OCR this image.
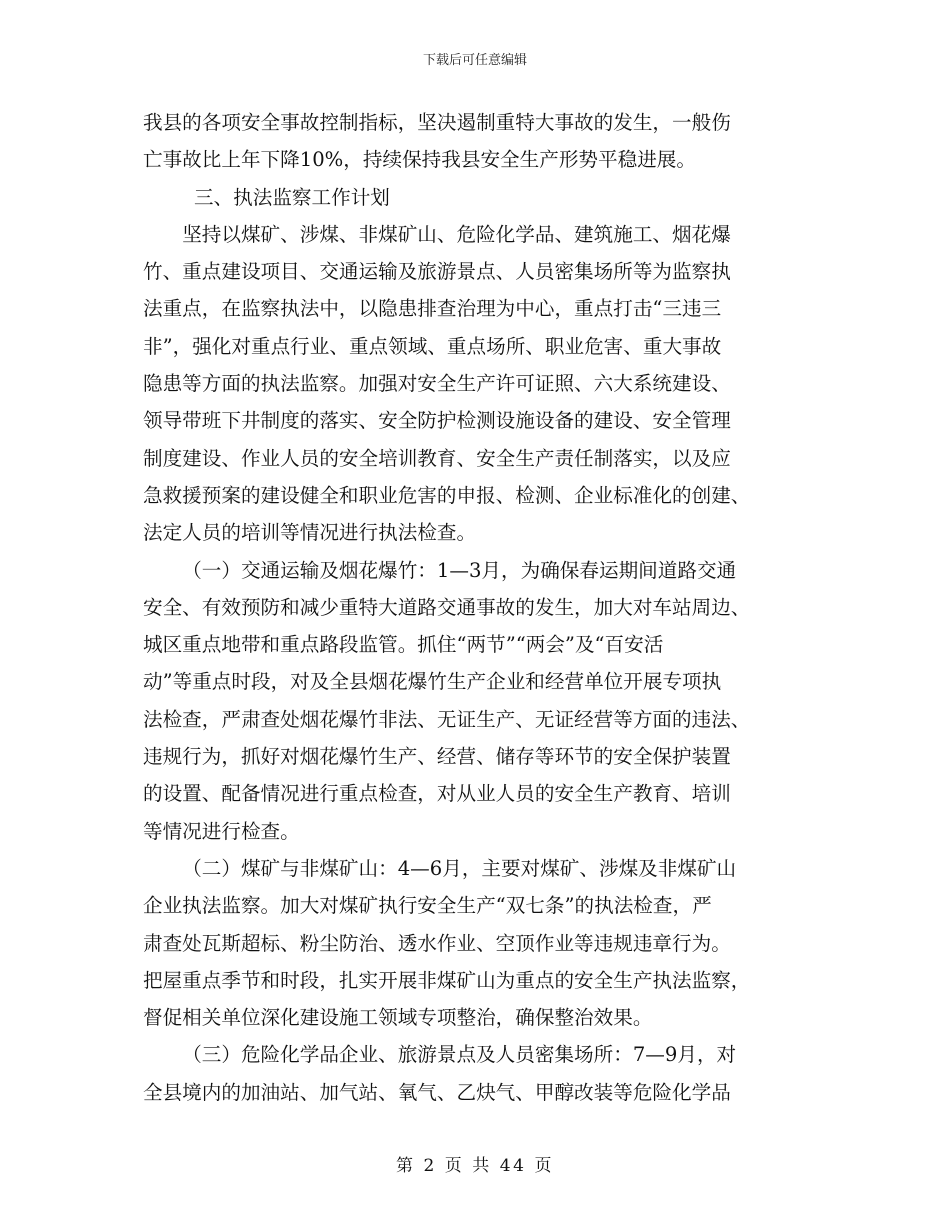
下载后可任意编辑

我县的各项安全事故控制指标，坚决遏制重特大事故的发生，一般伤
亡事故比上年下降10%，持续保持我县安全生产形势平稳进展。

三、执法监察工作计划

坚持以煤矿、涉煤、非煤矿山、危险化学品、建筑施工、烟花爆
竹、重点建设项目、交通运输及旅游景点、人员密集场所等为监察执
法重点，在监察执法中，以隐患排查治理为中心，重点打击“三违三
非”，强化对重点行业、重点领域、重点场所、职业危害、重大事故
隐患等方面的执法监察。加强对安全生产许可证照、六大系统建设、
领导带班下井制度的落实、安全防护检测设施设备的建设、安全管理
制度建设、作业人员的安全培训教育、安全生产责任制落实，以及应
急救援预案的建设健全和职业危害的申报、检测、企业标准化的创建、
法定人员的培训等情况进行执法检查。

（一）交通运输及烟花爆竹：1—3月，为确保春运期间道路交通
安全、有效预防和减少重特大道路交通事故的发生，加大对车站周边、
城区重点地带和重点路段监管。抓住“两节”“两会”及“百安活
动”等重点时段，对及全县烟花爆竹生产企业和经营单位开展专项执
法检查，严肃查处烟花爆竹非法、无证生产、无证经营等方面的违法、
违规行为，抓好对烟花爆竹生产、经营、储存等环节的安全保护装置
的设置、配备情况进行重点检查，对从业人员的安全生产教育、培训
等情况进行检查。

（二）煤矿与非煤矿山：4—6月，主要对煤矿、涉煤及非煤矿山
企业执法监察。加大对煤矿执行安全生产“双七条”的执法检查，严
肃查处瓦斯超标、粉尘防治、透水作业、空顶作业等违规违章行为。
把屋重点季节和时段，扎实开展非煤矿山为重点的安全生产执法监察，
督促相关单位深化建设施工领域专项整治，确保整治效果。

（三）危险化学品企业、旅游景点及人员密集场所：7—9月，对
全县境内的加油站、加气站、氧气、乙炔气、甲醇改装等危险化学品

第 2 页 共 44 页
